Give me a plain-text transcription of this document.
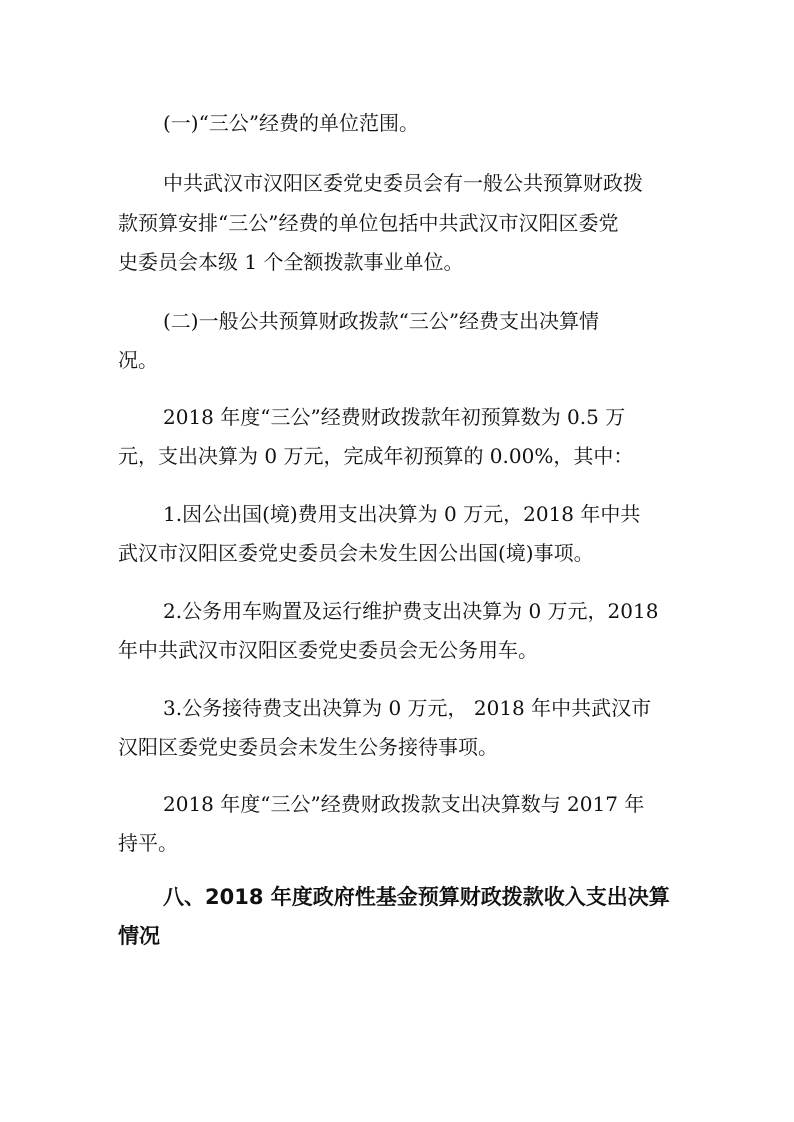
(一)“三公”经费的单位范围。
中共武汉市汉阳区委党史委员会有一般公共预算财政拨
款预算安排“三公”经费的单位包括中共武汉市汉阳区委党
史委员会本级 1 个全额拨款事业单位。
(二)一般公共预算财政拨款“三公”经费支出决算情
况。
2018 年度“三公”经费财政拨款年初预算数为 0.5 万
元，支出决算为 0 万元，完成年初预算的 0.00%，其中：
1.因公出国(境)费用支出决算为 0 万元，2018 年中共
武汉市汉阳区委党史委员会未发生因公出国(境)事项。
2.公务用车购置及运行维护费支出决算为 0 万元，2018
年中共武汉市汉阳区委党史委员会无公务用车。
3.公务接待费支出决算为 0 万元， 2018 年中共武汉市
汉阳区委党史委员会未发生公务接待事项。
2018 年度“三公”经费财政拨款支出决算数与 2017 年
持平。
八、2018 年度政府性基金预算财政拨款收入支出决算
情况
